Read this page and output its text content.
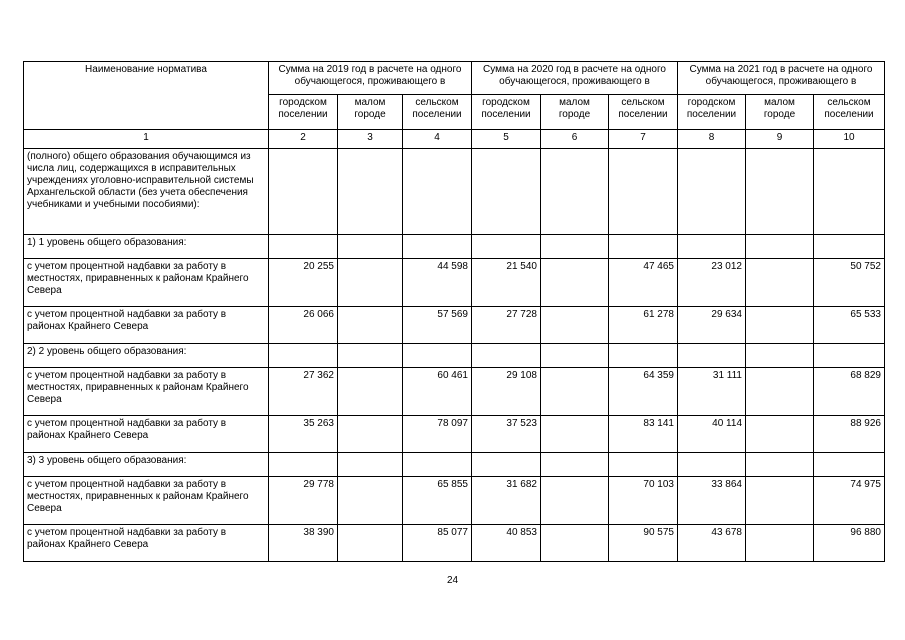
Наименование норматива	Сумма на 2019 год в расчете на одного обучающегося, проживающего в			Сумма на 2020 год в расчете на одного обучающегося, проживающего в			Сумма на 2021 год в расчете на одного обучающегося, проживающего в		
	городском поселении	малом городе	сельском поселении	городском поселении	малом городе	сельском поселении	городском поселении	малом городе	сельском поселении
1	2	3	4	5	6	7	8	9	10
(полного) общего образования обучающимся из числа лиц, содержащихся в исправительных учреждениях уголовно-исправительной системы Архангельской области (без учета обеспечения учебниками и учебными пособиями):									
1) 1 уровень общего образования:									
с учетом процентной надбавки за работу в местностях, приравненных к районам Крайнего Севера	20 255		44 598	21 540		47 465	23 012		50 752
с учетом процентной надбавки за работу в районах Крайнего Севера	26 066		57 569	27 728		61 278	29 634		65 533
2) 2 уровень общего образования:									
с учетом процентной надбавки за работу в местностях, приравненных к районам Крайнего Севера	27 362		60 461	29 108		64 359	31 111		68 829
с учетом процентной надбавки за работу в районах Крайнего Севера	35 263		78 097	37 523		83 141	40 114		88 926
3) 3 уровень общего образования:									
с учетом процентной надбавки за работу в местностях, приравненных к районам Крайнего Севера	29 778		65 855	31 682		70 103	33 864		74 975
с учетом процентной надбавки за работу в районах Крайнего Севера	38 390		85 077	40 853		90 575	43 678		96 880
24
